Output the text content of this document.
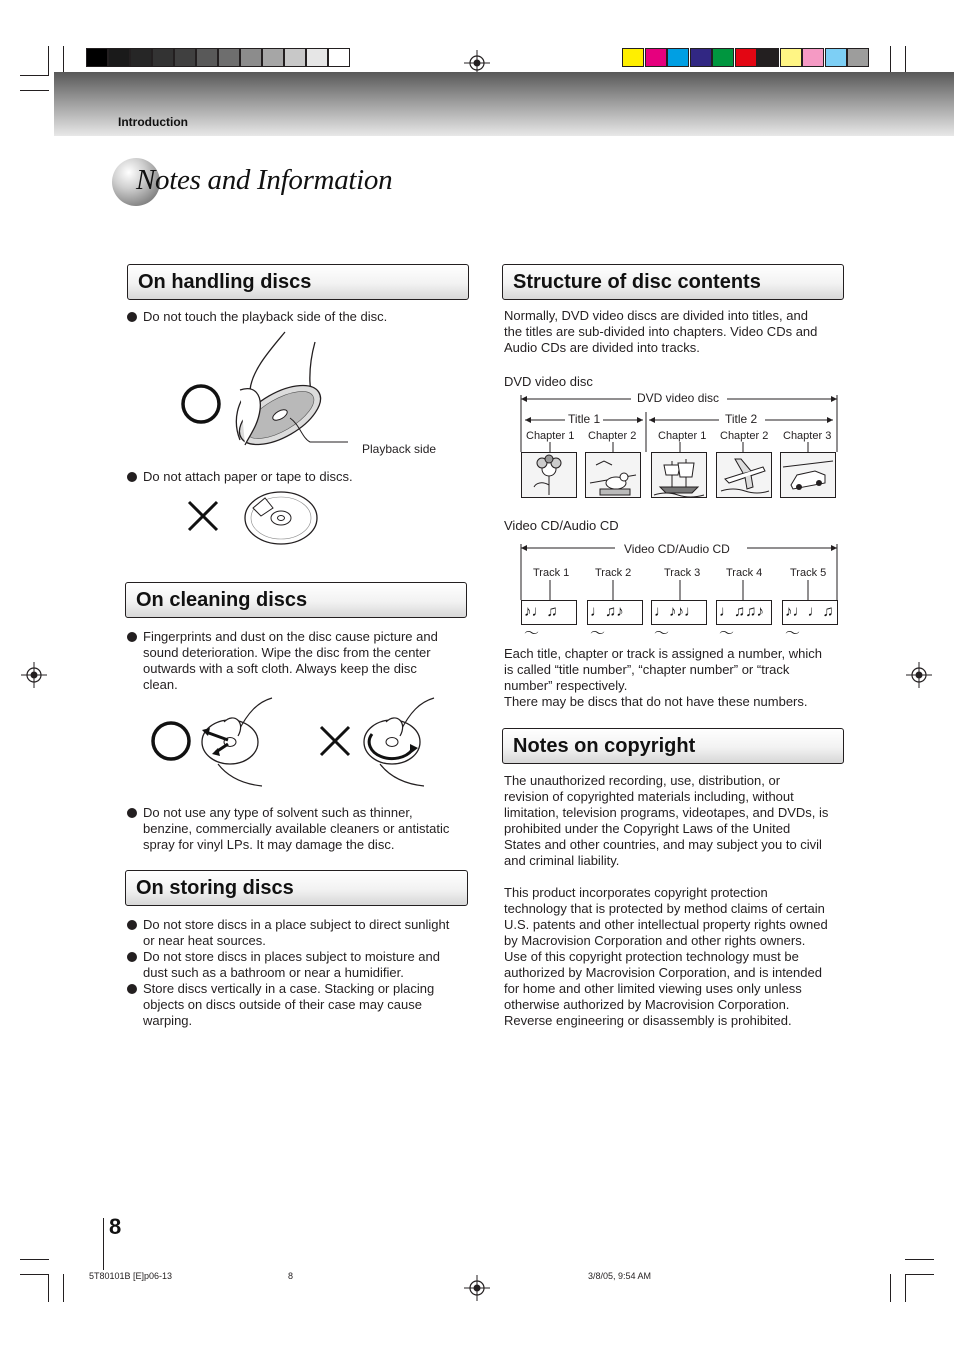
Introduction
Notes and Information
On handling discs
Do not touch the playback side of the disc.
Playback side
Do not attach paper or tape to discs.
On cleaning discs
Fingerprints and dust on the disc cause picture and
sound deterioration. Wipe the disc from the center
outwards with a soft cloth. Always keep the disc
clean.
Do not use any type of solvent such as thinner,
benzine, commercially available cleaners or antistatic
spray for vinyl LPs. It may damage the disc.
On storing discs
Do not store discs in a place subject to direct sunlight
or near heat sources.
Do not store discs in places subject to moisture and
dust such as a bathroom or near a humidifier.
Store discs vertically in a case. Stacking or placing
objects on discs outside of their case may cause
warping.
Structure of disc contents
Normally, DVD video discs are divided into titles, and
the titles are sub-divided into chapters. Video CDs and
Audio CDs are divided into tracks.
DVD video disc
DVD video disc
Title 1	Title 2
Chapter 1 Chapter 2 Chapter 1 Chapter 2 Chapter 3
Video CD/Audio CD
Video CD/Audio CD
Track 1 Track 2	Track 3 Track 4	Track 5
♪♩♫ ～
♩♫♪ ～
♩♪♪♩ ～
♩♫♫♪～
♪♩♩♫～
Each title, chapter or track is assigned a number, which
is called “title number”, “chapter number” or “track
number” respectively.
There may be discs that do not have these numbers.
Notes on copyright
The unauthorized recording, use, distribution, or
revision of copyrighted materials including, without
limitation, television programs, videotapes, and DVDs, is
prohibited under the Copyright Laws of the United
States and other countries, and may subject you to civil
and criminal liability.
This product incorporates copyright protection
technology that is protected by method claims of certain
U.S. patents and other intellectual property rights owned
by Macrovision Corporation and other rights owners.
Use of this copyright protection technology must be
authorized by Macrovision Corporation, and is intended
for home and other limited viewing uses only unless
otherwise authorized by Macrovision Corporation.
Reverse engineering or disassembly is prohibited.
8
5T80101B [E]p06-13	8	3/8/05, 9:54 AM
